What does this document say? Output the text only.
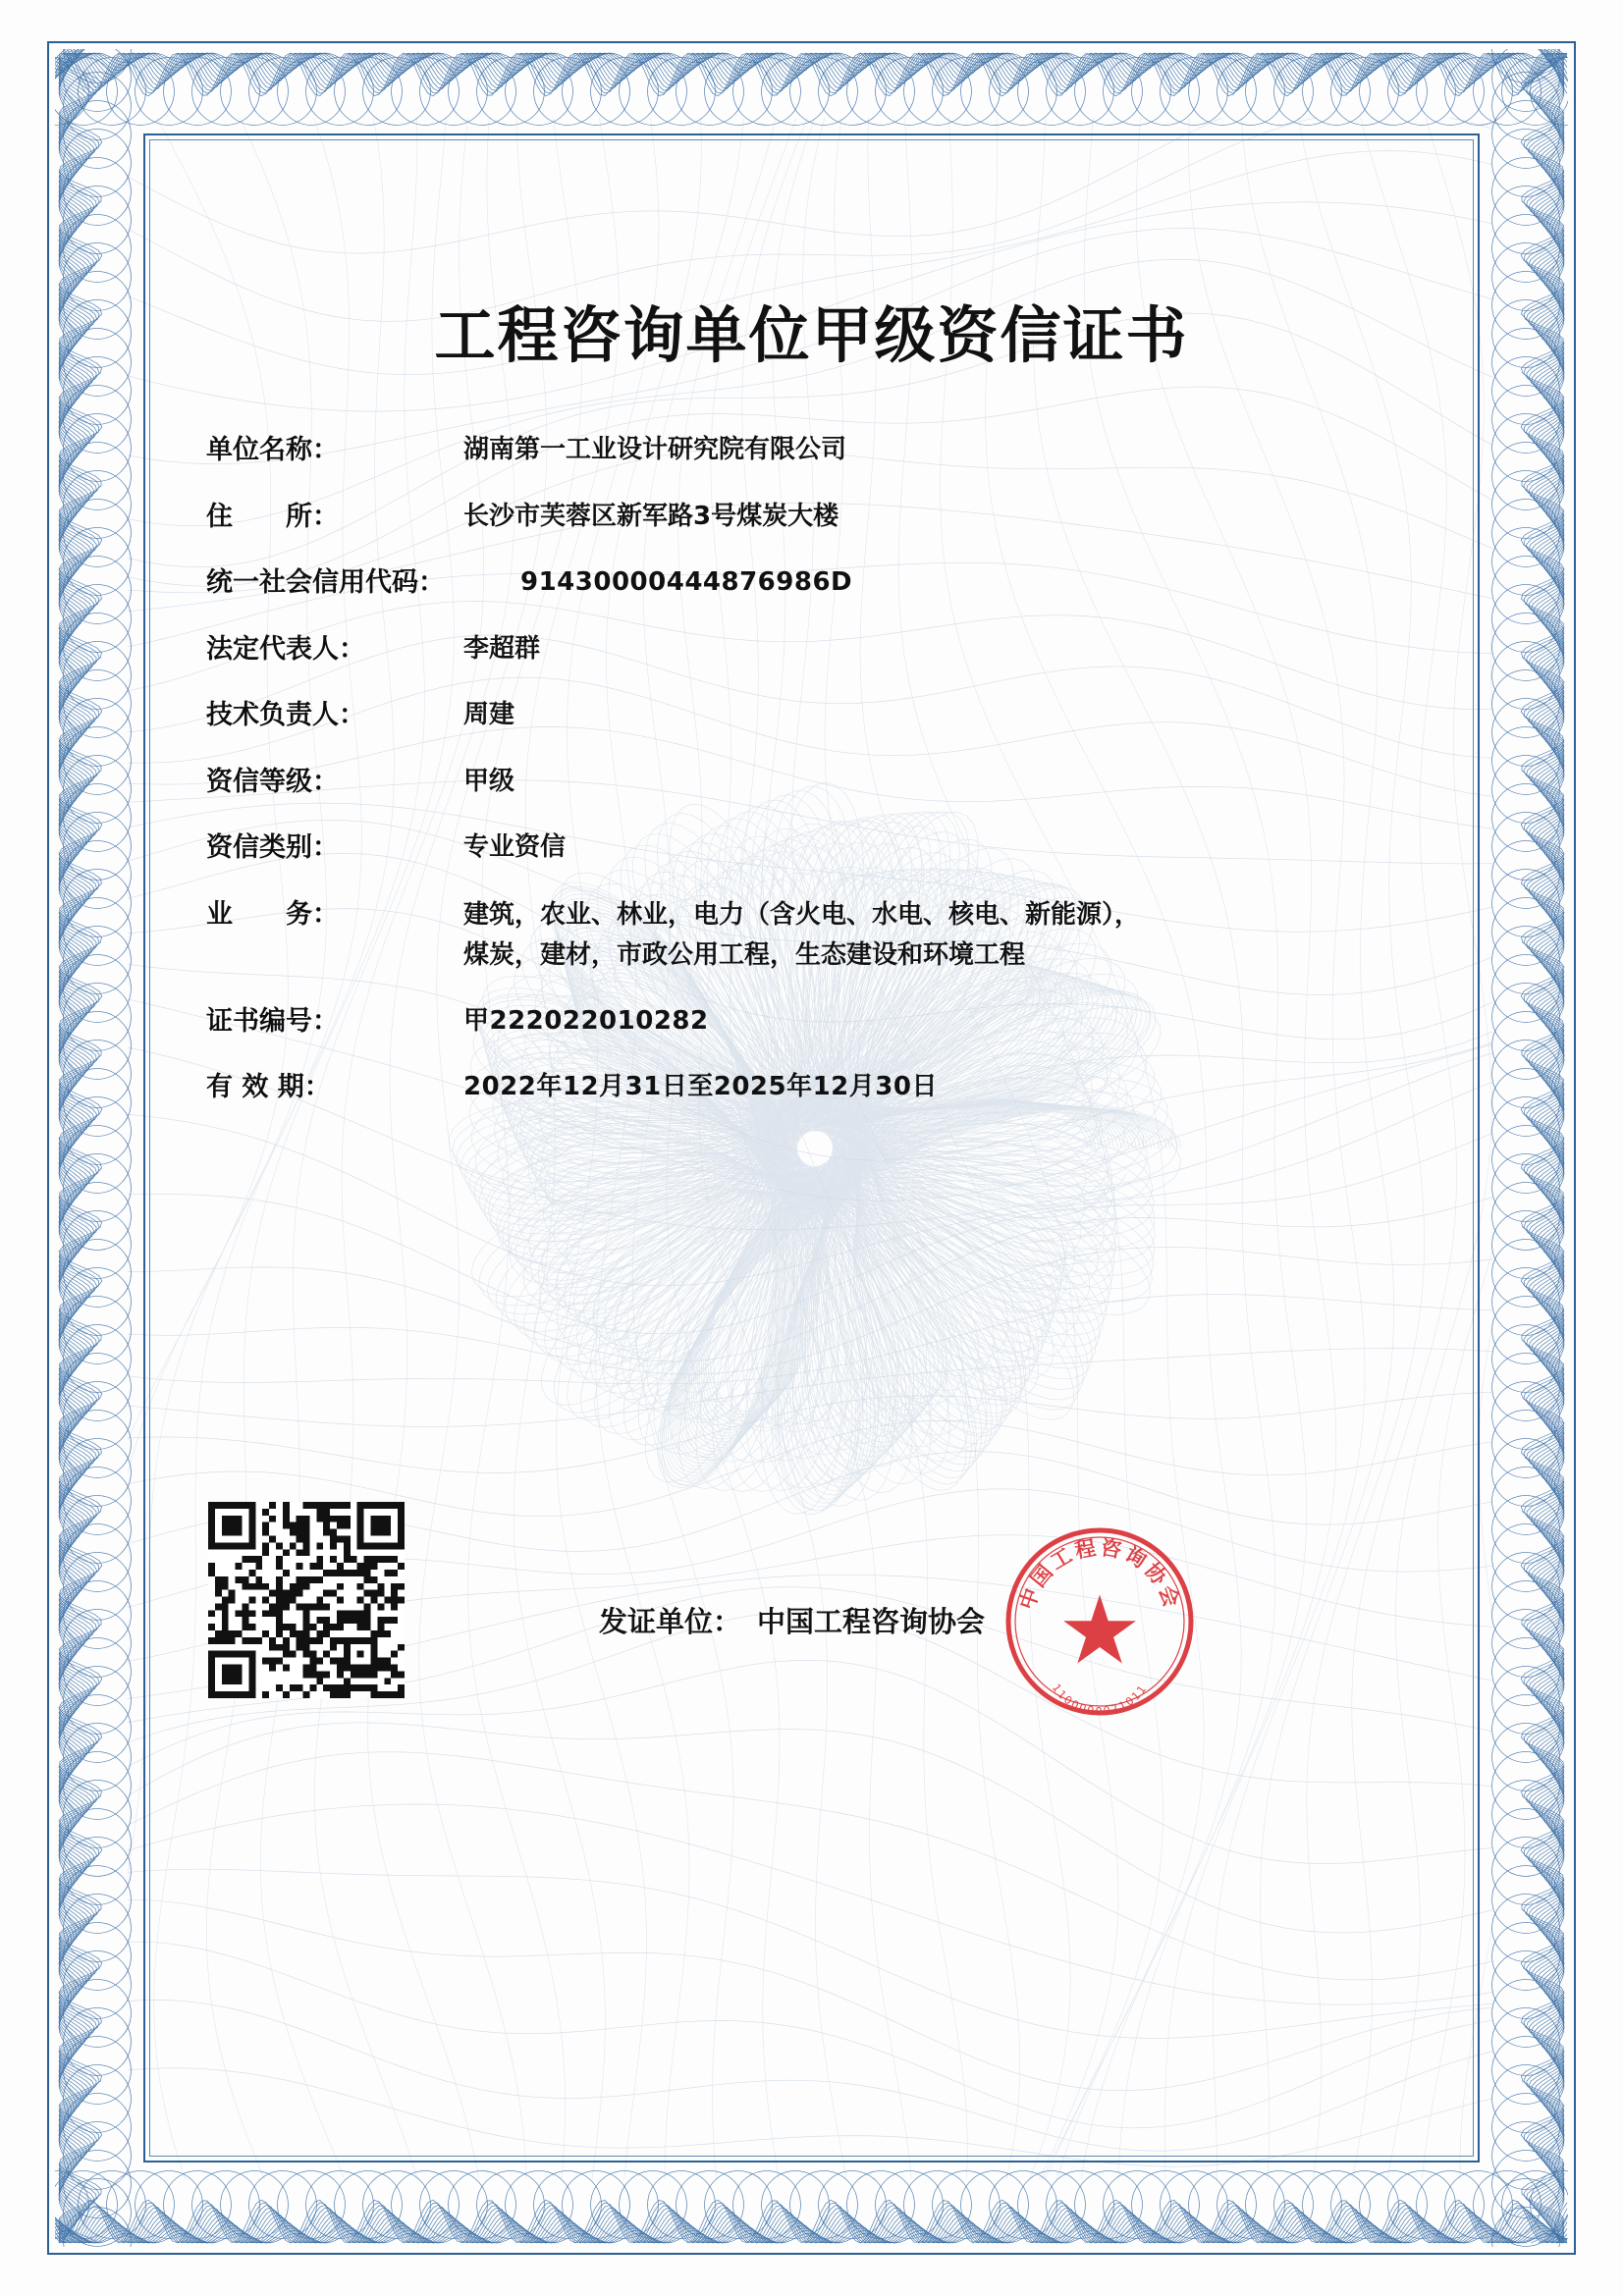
工程咨询单位甲级资信证书
单位名称：	湖南第一工业设计研究院有限公司
住　　所：	长沙市芙蓉区新军路3号煤炭大楼
统一社会信用代码：	91430000444876986D
法定代表人：	李超群
技术负责人：	周建
资信等级：	甲级
资信类别：	专业资信
业　　务：	建筑，农业、林业，电力（含火电、水电、核电、新能源），煤炭，建材，市政公用工程，生态建设和环境工程
证书编号：	甲222022010282
有 效 期：	2022年12月31日至2025年12月30日
发证单位： 中国工程咨询协会
中国工程咨询协会
1100000071011
